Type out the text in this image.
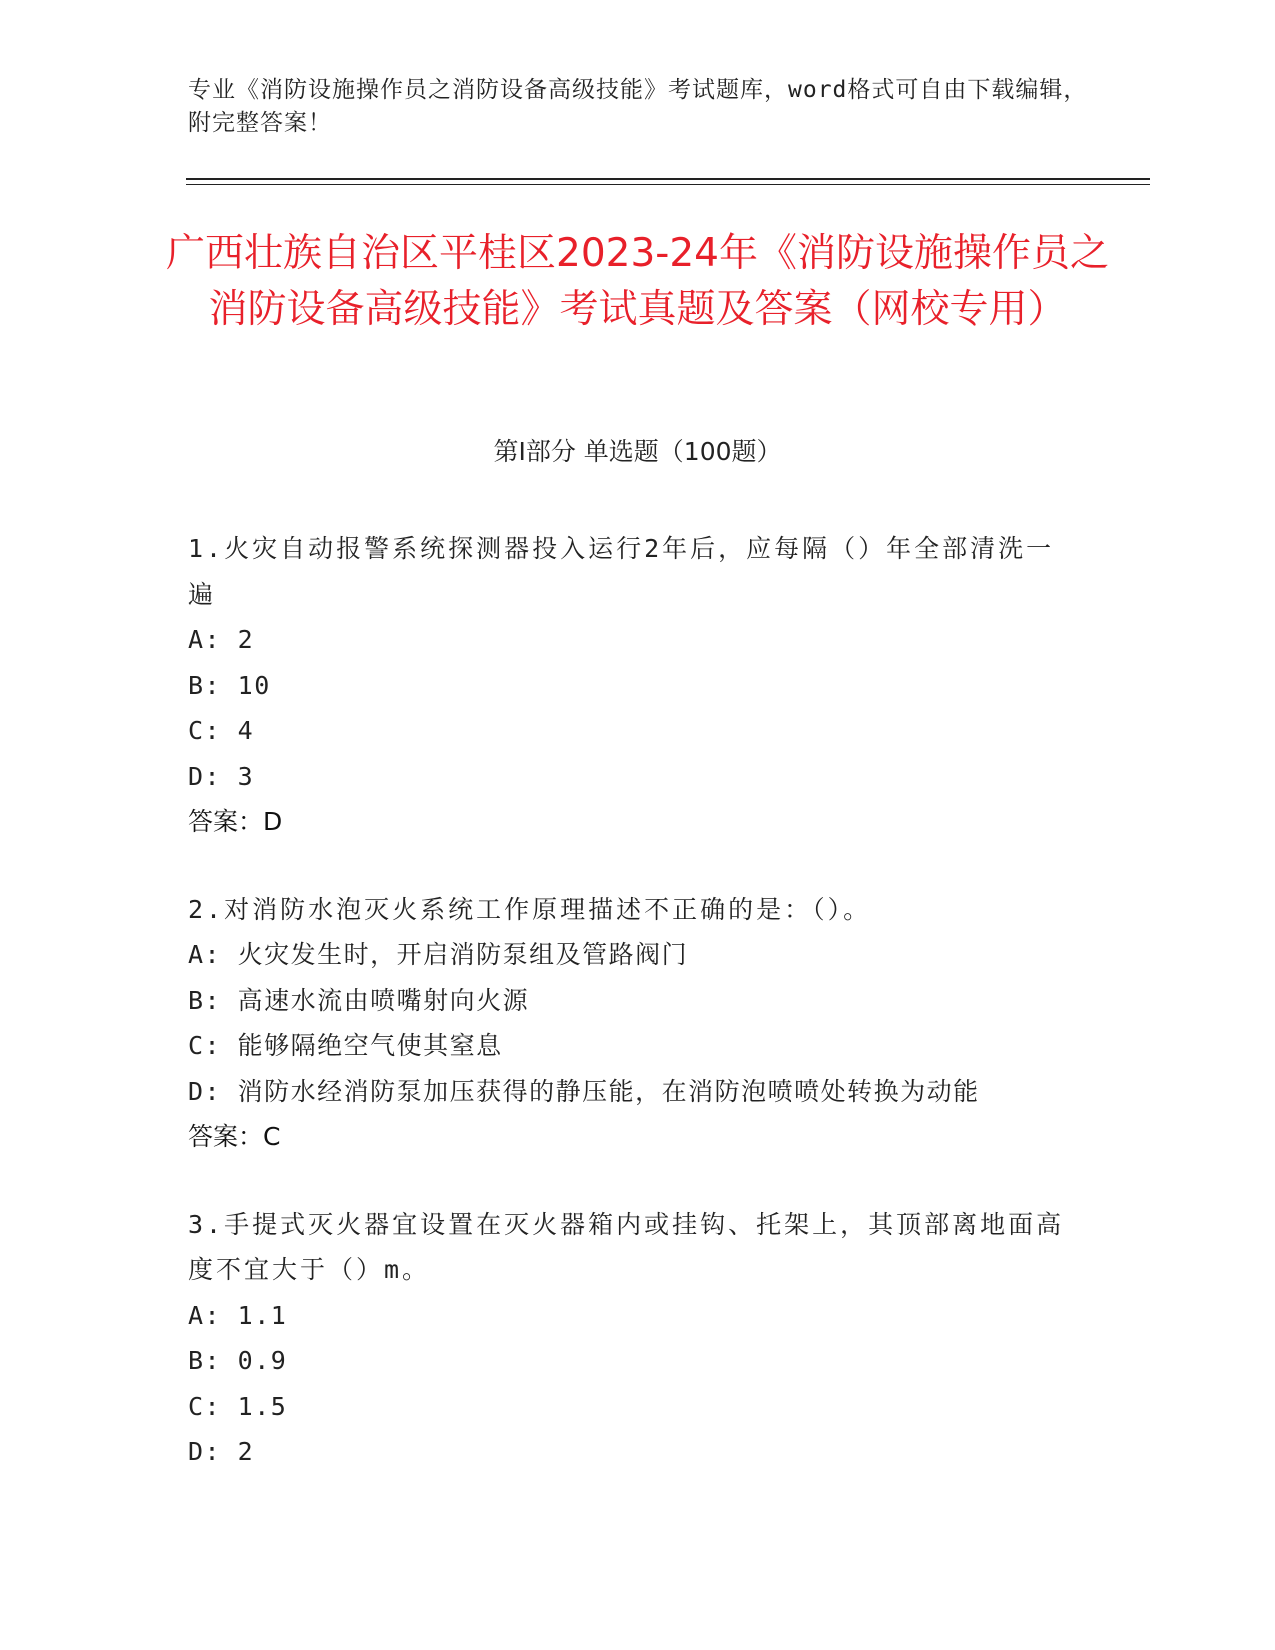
专业《消防设施操作员之消防设备高级技能》考试题库，word格式可自由下载编辑，附完整答案！
广西壮族自治区平桂区2023-24年《消防设施操作员之消防设备高级技能》考试真题及答案（网校专用）
第Ⅰ部分 单选题（100题）
1.火灾自动报警系统探测器投入运行2年后，应每隔（）年全部清洗一遍
A: 2
B: 10
C: 4
D: 3
答案：D
2.对消防水泡灭火系统工作原理描述不正确的是：（）。
A: 火灾发生时，开启消防泵组及管路阀门
B: 高速水流由喷嘴射向火源
C: 能够隔绝空气使其窒息
D: 消防水经消防泵加压获得的静压能，在消防泡喷喷处转换为动能
答案：C
3.手提式灭火器宜设置在灭火器箱内或挂钩、托架上，其顶部离地面高度不宜大于（）m。
A: 1.1
B: 0.9
C: 1.5
D: 2
